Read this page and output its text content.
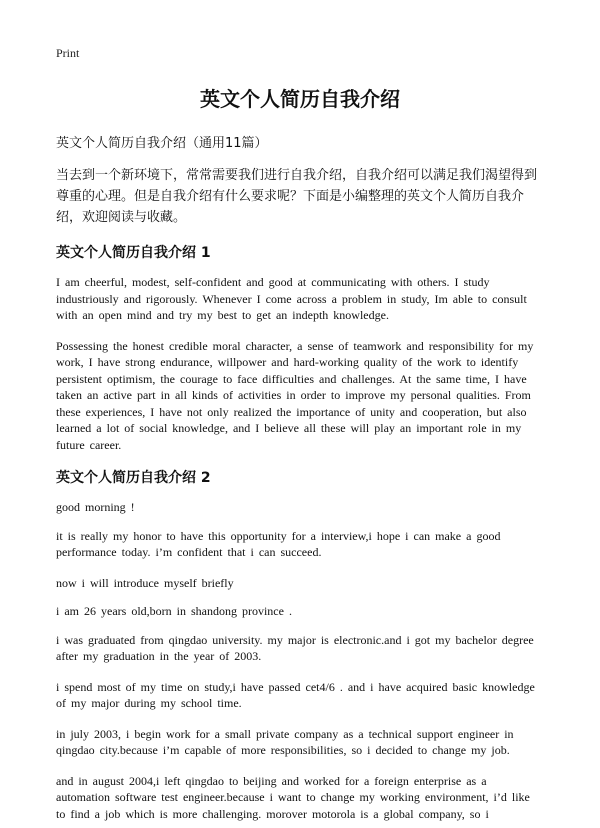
Print
英文个人简历自我介绍
英文个人简历自我介绍（通用11篇）

当去到一个新环境下，常常需要我们进行自我介绍，自我介绍可以满足我们渴望得到尊重的心理。但是自我介绍有什么要求呢？下面是小编整理的英文个人简历自我介绍，欢迎阅读与收藏。

英文个人简历自我介绍 1

I am cheerful, modest, self-confident and good at communicating with others. I study industriously and rigorously. Whenever I come across a problem in study, Im able to consult with an open mind and try my best to get an indepth knowledge.

Possessing the honest credible moral character, a sense of teamwork and responsibility for my work, I have strong endurance, willpower and hard-working quality of the work to identify persistent optimism, the courage to face difficulties and challenges. At the same time, I have taken an active part in all kinds of activities in order to improve my personal qualities. From these experiences, I have not only realized the importance of unity and cooperation, but also learned a lot of social knowledge, and I believe all these will play an important role in my future career.

英文个人简历自我介绍 2

good morning !

it is really my honor to have this opportunity for a interview,i hope i can make a good performance today. i’m confident that i can succeed.

now i will introduce myself briefly

i am 26 years old,born in shandong province .

i was graduated from qingdao university. my major is electronic.and i got my bachelor degree after my graduation in the year of 2003.

i spend most of my time on study,i have passed cet4/6 . and i have acquired basic knowledge of my major during my school time.

in july 2003, i begin work for a small private company as a technical support engineer in qingdao city.because i’m capable of more responsibilities, so i decided to change my job.

and in august 2004,i left qingdao to beijing and worked for a foreign enterprise as a automation software test engineer.because i want to change my working environment, i’d like to find a job which is more challenging. morover motorola is a global company, so i
